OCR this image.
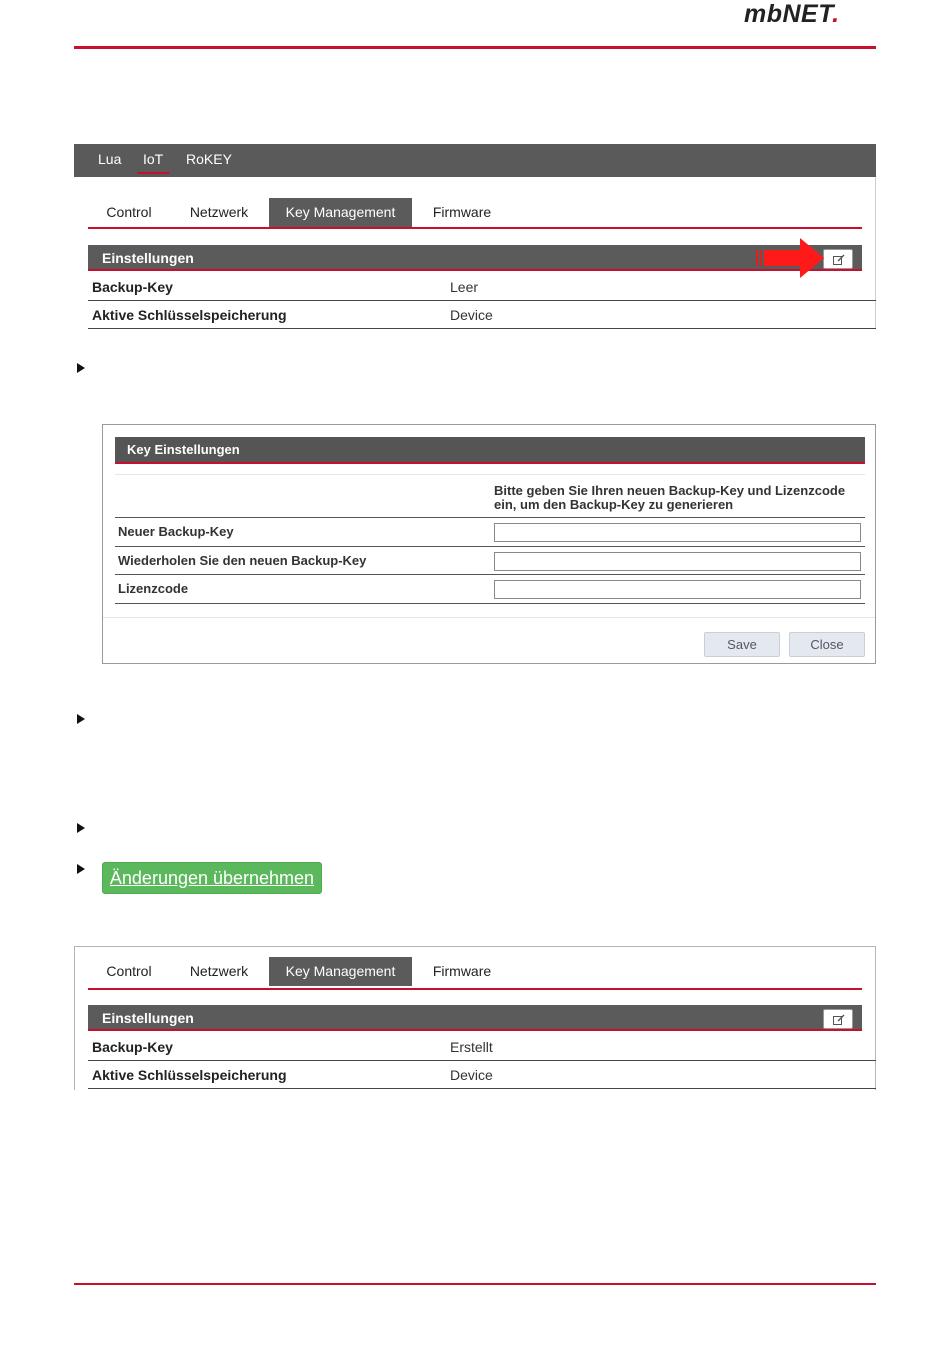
mbNET.
Lua IoT RoKEY
Control	Netzwerk	Key Management	Firmware
Einstellungen
Backup-Key	Leer
Aktive Schlüsselspeicherung	Device
Key Einstellungen
Bitte geben Sie Ihren neuen Backup-Key und Lizenzcode ein, um den Backup-Key zu generieren
Neuer Backup-Key
Wiederholen Sie den neuen Backup-Key
Lizenzcode
Save	Close
Änderungen übernehmen
Control	Netzwerk	Key Management	Firmware
Einstellungen
Backup-Key	Erstellt
Aktive Schlüsselspeicherung	Device
